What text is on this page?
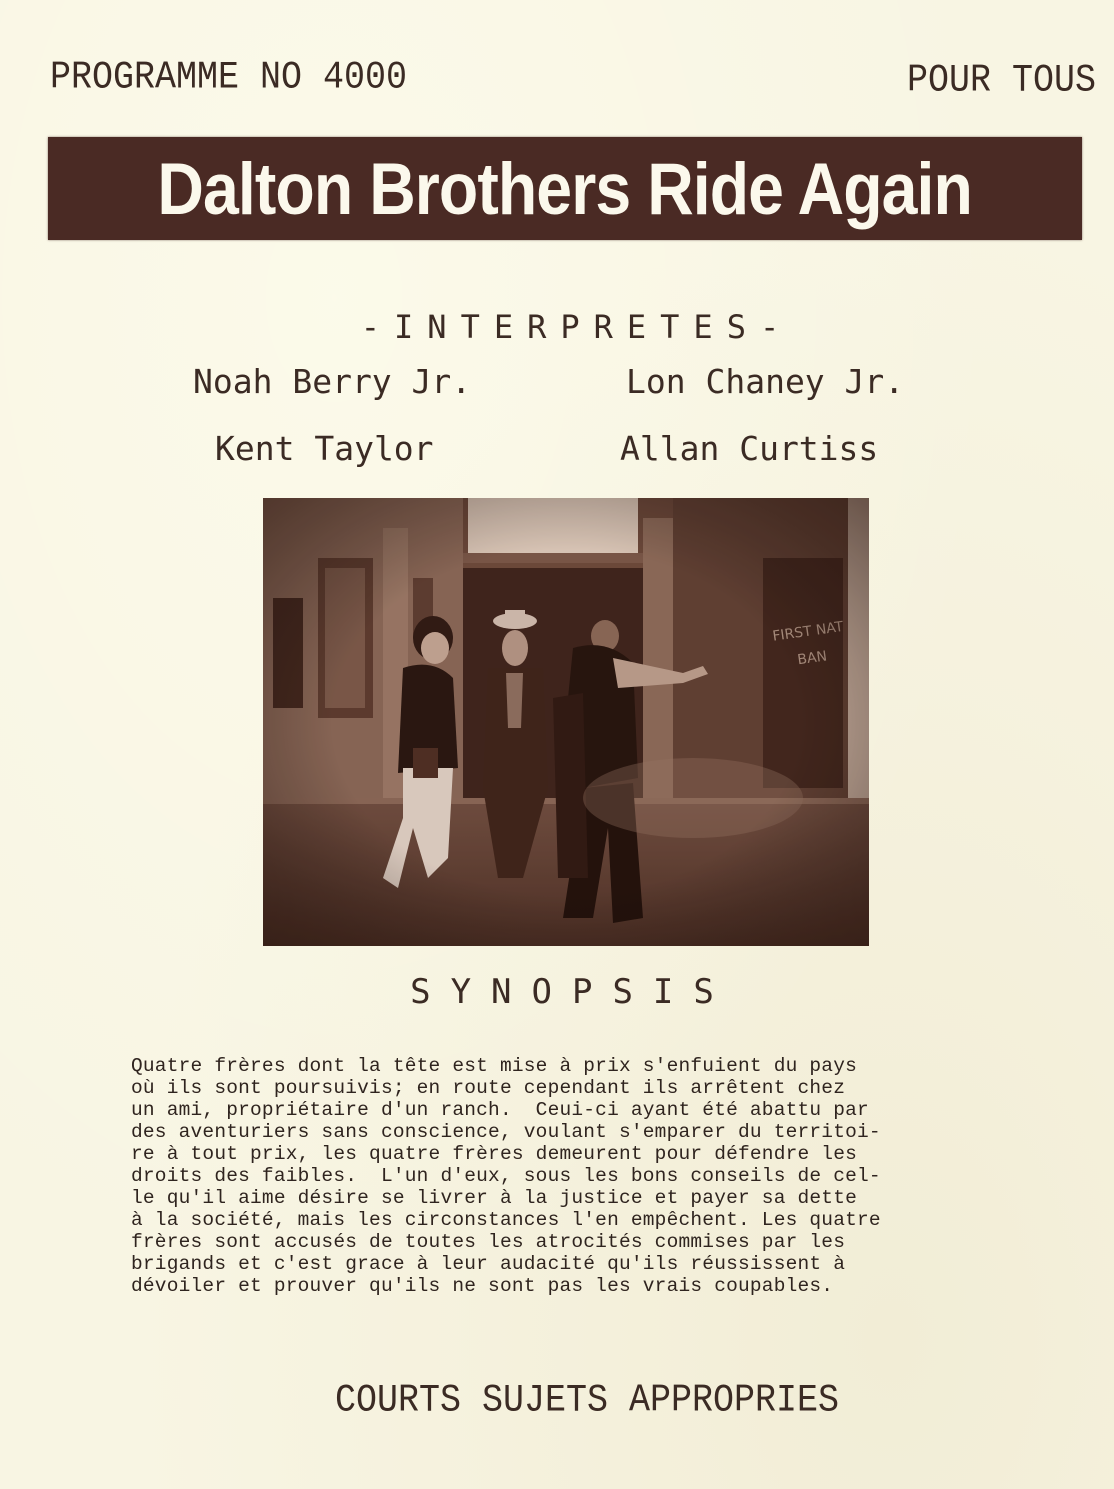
PROGRAMME NO 4000	POUR TOUS
Dalton Brothers Ride Again
-INTERPRETES-
Noah Berry Jr.	Lon Chaney Jr.
Kent Taylor	Allan Curtiss
SYNOPSIS
Quatre frères dont la tête est mise à prix s'enfuient du pays
où ils sont poursuivis; en route cependant ils arrêtent chez
un ami, propriétaire d'un ranch.  Ceui-ci ayant été abattu par
des aventuriers sans conscience, voulant s'emparer du territoi-
re à tout prix, les quatre frères demeurent pour défendre les
droits des faibles.  L'un d'eux, sous les bons conseils de cel-
le qu'il aime désire se livrer à la justice et payer sa dette
à la société, mais les circonstances l'en empêchent. Les quatre
frères sont accusés de toutes les atrocités commises par les
brigands et c'est grace à leur audacité qu'ils réussissent à
dévoiler et prouver qu'ils ne sont pas les vrais coupables.
COURTS SUJETS APPROPRIES
